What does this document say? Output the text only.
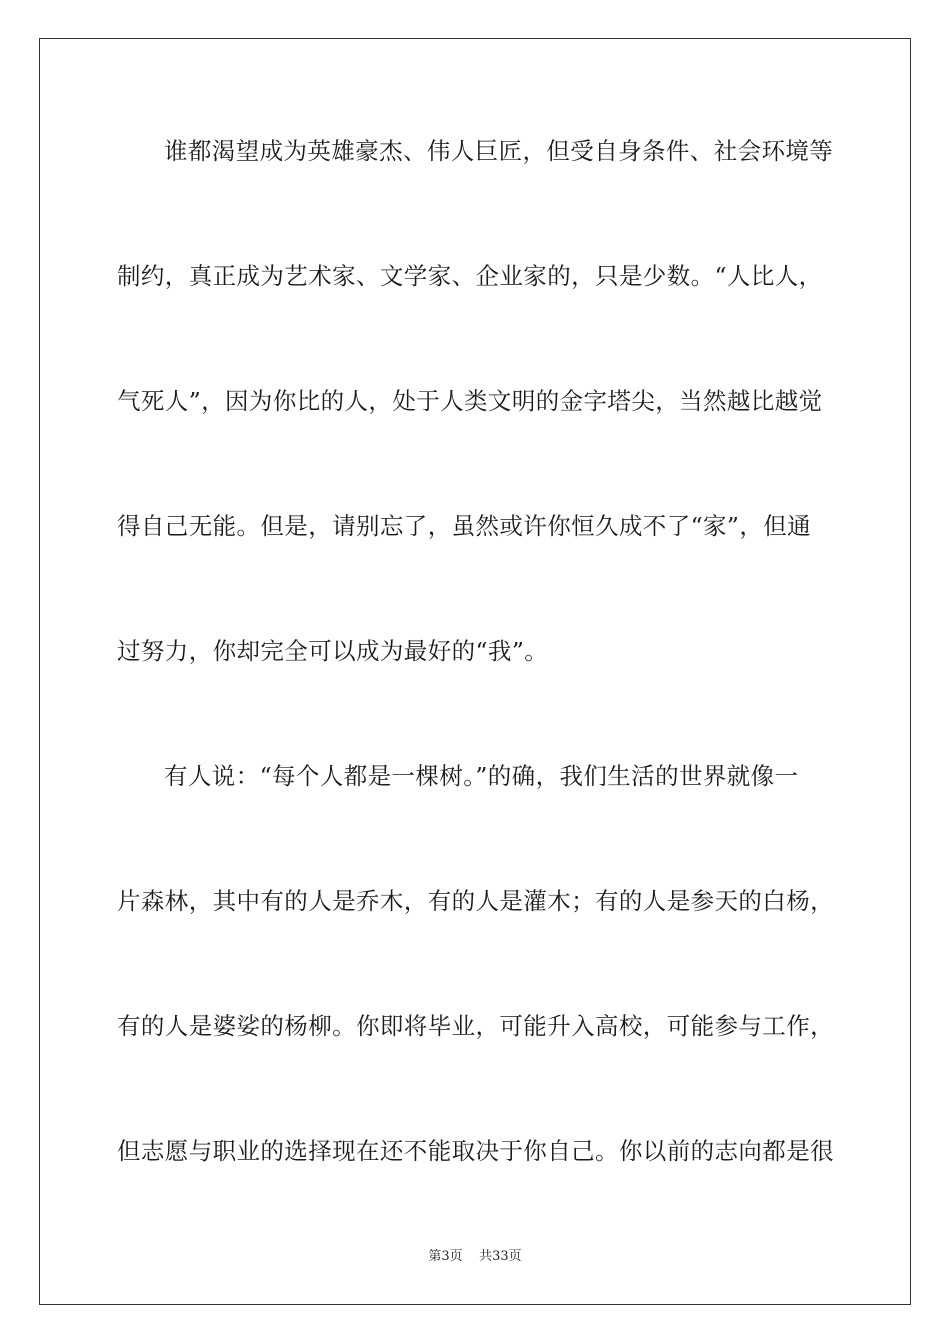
谁都渴望成为英雄豪杰、伟人巨匠，但受自身条件、社会环境等
制约，真正成为艺术家、文学家、企业家的，只是少数。“人比人，
气死人”，因为你比的人，处于人类文明的金字塔尖，当然越比越觉
得自己无能。但是，请别忘了，虽然或许你恒久成不了“家”，但通
过努力，你却完全可以成为最好的“我”。
有人说：“每个人都是一棵树。”的确，我们生活的世界就像一
片森林，其中有的人是乔木，有的人是灌木；有的人是参天的白杨，
有的人是婆娑的杨柳。你即将毕业，可能升入高校，可能参与工作，
但志愿与职业的选择现在还不能取决于你自己。你以前的志向都是很
第3页 共33页
